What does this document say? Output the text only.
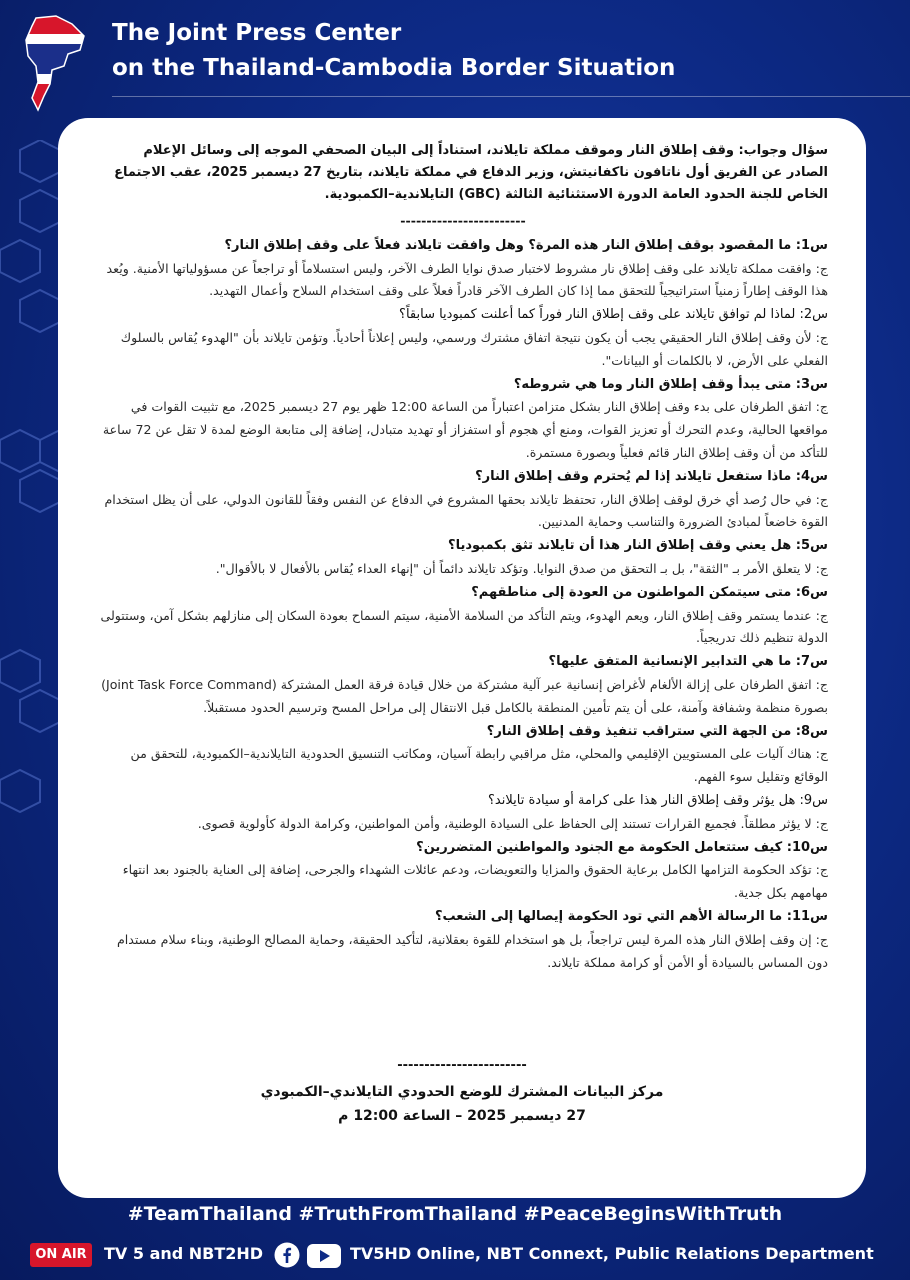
The Joint Press Center
on the Thailand-Cambodia Border Situation
سؤال وجواب: وقف إطلاق النار وموقف مملكة تايلاند، استناداً إلى البيان الصحفي الموجه إلى وسائل الإعلام الصادر عن الفريق أول ناتافون ناكفانيتش، وزير الدفاع في مملكة تايلاند، بتاريخ 27 ديسمبر 2025، عقب الاجتماع الخاص للجنة الحدود العامة الدورة الاستثنائية الثالثة (GBC) التايلاندية–الكمبودية.
------------------------
س1: ما المقصود بوقف إطلاق النار هذه المرة؟ وهل وافقت تايلاند فعلاً على وقف إطلاق النار؟
ج: وافقت مملكة تايلاند على وقف إطلاق نار مشروط لاختبار صدق نوايا الطرف الآخر، وليس استسلاماً أو تراجعاً عن مسؤولياتها الأمنية. ويُعد هذا الوقف إطاراً زمنياً استراتيجياً للتحقق مما إذا كان الطرف الآخر قادراً فعلاً على وقف استخدام السلاح وأعمال التهديد.
س2: لماذا لم توافق تايلاند على وقف إطلاق النار فوراً كما أعلنت كمبوديا سابقاً؟
ج: لأن وقف إطلاق النار الحقيقي يجب أن يكون نتيجة اتفاق مشترك ورسمي، وليس إعلاناً أحادياً. وتؤمن تايلاند بأن "الهدوء يُقاس بالسلوك الفعلي على الأرض، لا بالكلمات أو البيانات".
س3: متى يبدأ وقف إطلاق النار وما هي شروطه؟
ج: اتفق الطرفان على بدء وقف إطلاق النار بشكل متزامن اعتباراً من الساعة 12:00 ظهر يوم 27 ديسمبر 2025، مع تثبيت القوات في مواقعها الحالية، وعدم التحرك أو تعزيز القوات، ومنع أي هجوم أو استفزاز أو تهديد متبادل، إضافة إلى متابعة الوضع لمدة لا تقل عن 72 ساعة للتأكد من أن وقف إطلاق النار قائم فعلياً وبصورة مستمرة.
س4: ماذا ستفعل تايلاند إذا لم يُحترم وقف إطلاق النار؟
ج: في حال رُصد أي خرق لوقف إطلاق النار، تحتفظ تايلاند بحقها المشروع في الدفاع عن النفس وفقاً للقانون الدولي، على أن يظل استخدام القوة خاضعاً لمبادئ الضرورة والتناسب وحماية المدنيين.
س5: هل يعني وقف إطلاق النار هذا أن تايلاند تثق بكمبوديا؟
ج: لا يتعلق الأمر بـ "الثقة"، بل بـ التحقق من صدق النوايا. وتؤكد تايلاند دائماً أن "إنهاء العداء يُقاس بالأفعال لا بالأقوال".
س6: متى سيتمكن المواطنون من العودة إلى مناطقهم؟
ج: عندما يستمر وقف إطلاق النار، ويعم الهدوء، ويتم التأكد من السلامة الأمنية، سيتم السماح بعودة السكان إلى منازلهم بشكل آمن، وستتولى الدولة تنظيم ذلك تدريجياً.
س7: ما هي التدابير الإنسانية المتفق عليها؟
ج: اتفق الطرفان على إزالة الألغام لأغراض إنسانية عبر آلية مشتركة من خلال قيادة فرقة العمل المشتركة (Joint Task Force Command) بصورة منظمة وشفافة وآمنة، على أن يتم تأمين المنطقة بالكامل قبل الانتقال إلى مراحل المسح وترسيم الحدود مستقبلاً.
س8: من الجهة التي ستراقب تنفيذ وقف إطلاق النار؟
ج: هناك آليات على المستويين الإقليمي والمحلي، مثل مراقبي رابطة آسيان، ومكاتب التنسيق الحدودية التايلاندية–الكمبودية، للتحقق من الوقائع وتقليل سوء الفهم.
س9: هل يؤثر وقف إطلاق النار هذا على كرامة أو سيادة تايلاند؟
ج: لا يؤثر مطلقاً. فجميع القرارات تستند إلى الحفاظ على السيادة الوطنية، وأمن المواطنين، وكرامة الدولة كأولوية قصوى.
س10: كيف ستتعامل الحكومة مع الجنود والمواطنين المتضررين؟
ج: تؤكد الحكومة التزامها الكامل برعاية الحقوق والمزايا والتعويضات، ودعم عائلات الشهداء والجرحى، إضافة إلى العناية بالجنود بعد انتهاء مهامهم بكل جدية.
س11: ما الرسالة الأهم التي تود الحكومة إيصالها إلى الشعب؟
ج: إن وقف إطلاق النار هذه المرة ليس تراجعاً، بل هو استخدام للقوة بعقلانية، لتأكيد الحقيقة، وحماية المصالح الوطنية، وبناء سلام مستدام دون المساس بالسيادة أو الأمن أو كرامة مملكة تايلاند.
------------------------
مركز البيانات المشترك للوضع الحدودي التايلاندي–الكمبودي
27 ديسمبر 2025 – الساعة 12:00 م
#TeamThailand #TruthFromThailand #PeaceBeginsWithTruth
ON AIR	TV 5 and NBT2HD	TV5HD Online, NBT Connext, Public Relations Department
